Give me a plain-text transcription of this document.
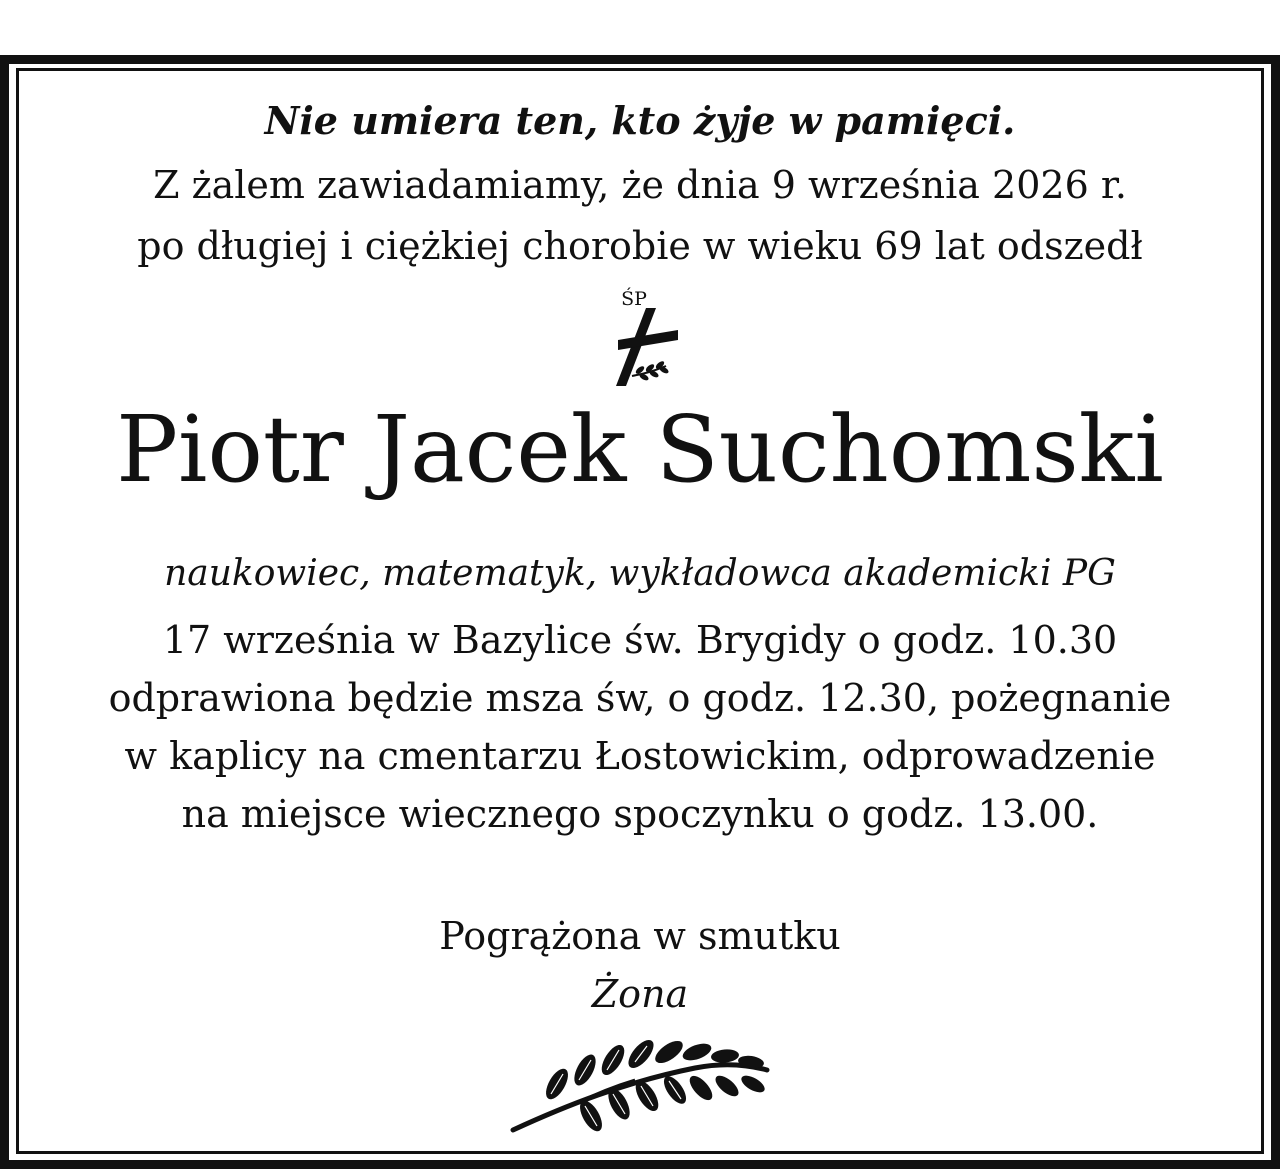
Nie umiera ten, kto żyje w pamięci.
Z żalem zawiadamiamy, że dnia 9 września 2026 r.
po długiej i ciężkiej chorobie w wieku 69 lat odszedł
ŚP
Piotr Jacek Suchomski
naukowiec, matematyk, wykładowca akademicki PG
17 września w Bazylice św. Brygidy o godz. 10.30
odprawiona będzie msza św, o godz. 12.30, pożegnanie
w kaplicy na cmentarzu Łostowickim, odprowadzenie
na miejsce wiecznego spoczynku o godz. 13.00.
Pogrążona w smutku
Żona
